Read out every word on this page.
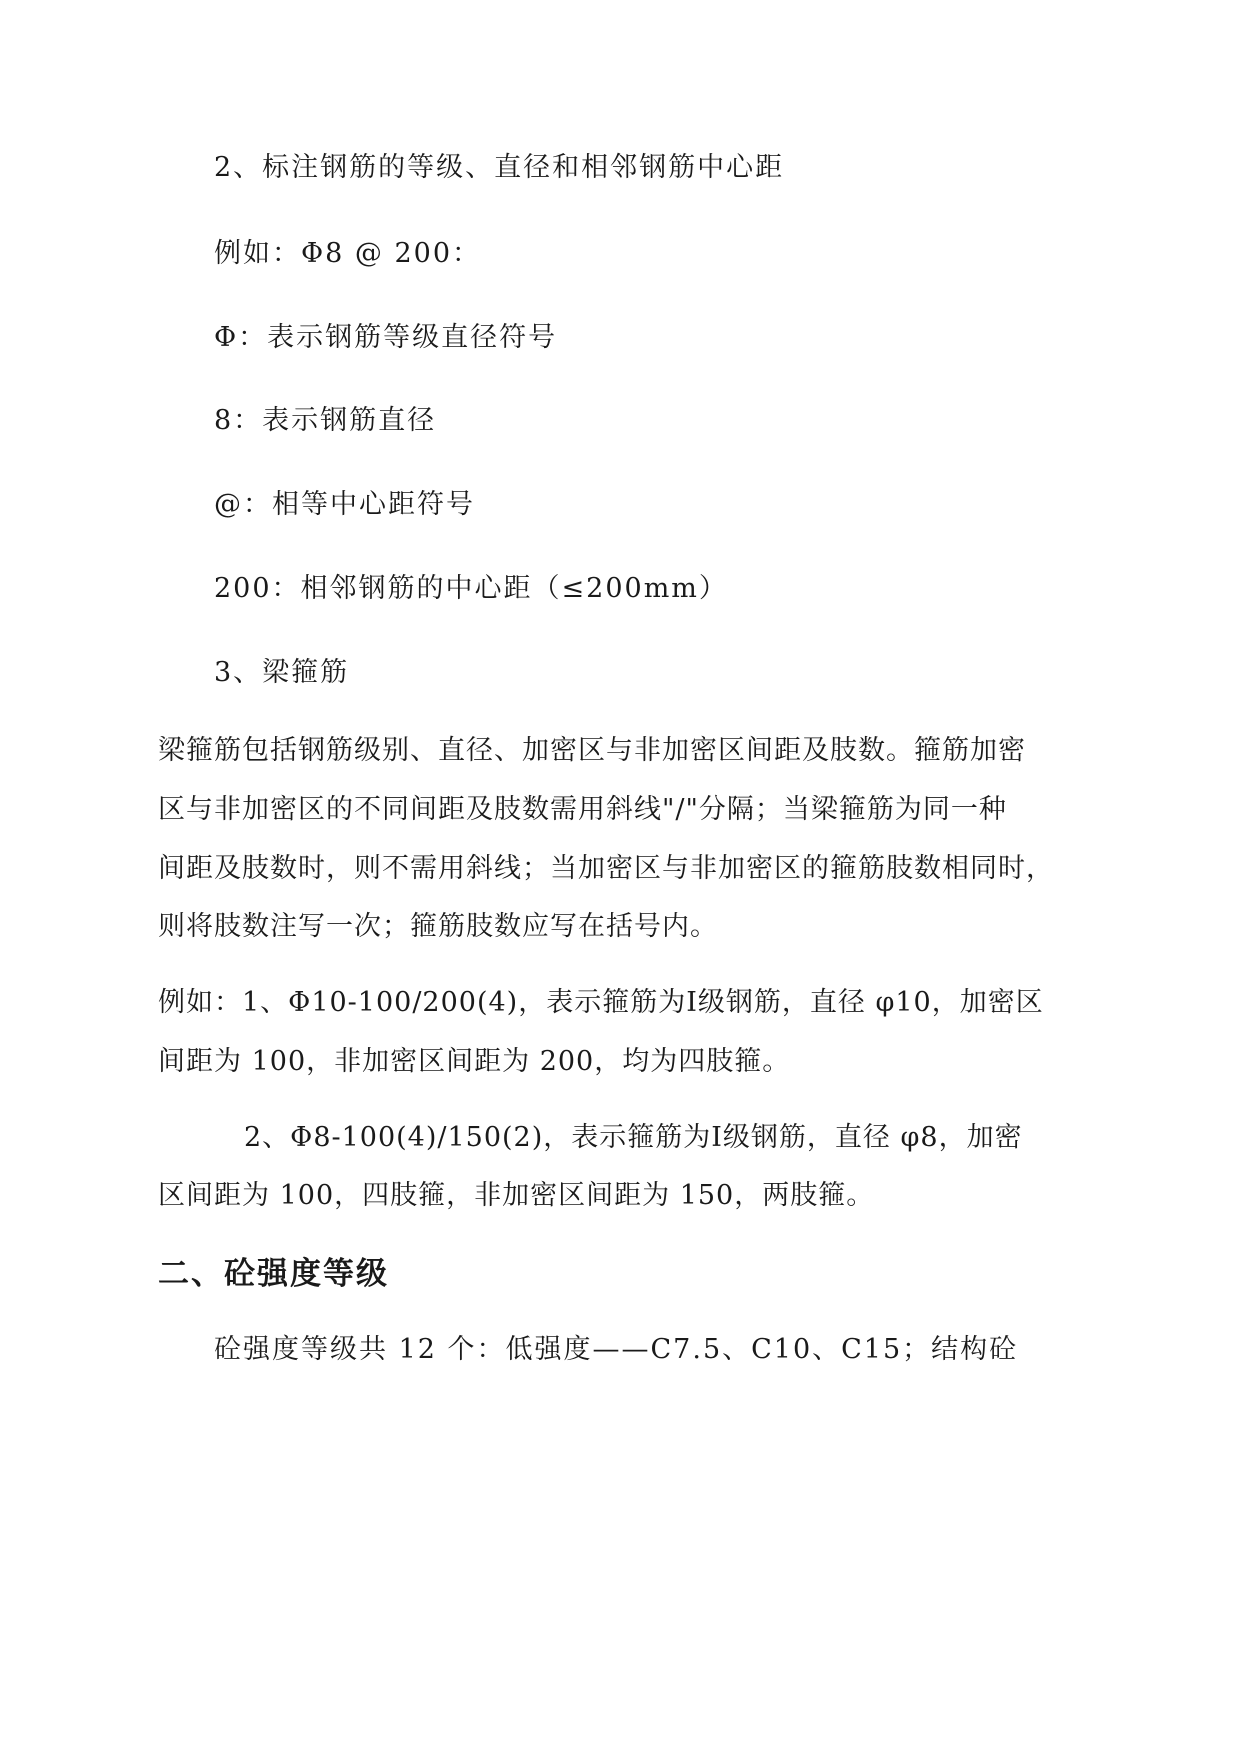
2、标注钢筋的等级、直径和相邻钢筋中心距
例如：Φ8 @ 200：
Φ：表示钢筋等级直径符号
8：表示钢筋直径
@：相等中心距符号
200：相邻钢筋的中心距（≤200mm）
3、梁箍筋
梁箍筋包括钢筋级别、直径、加密区与非加密区间距及肢数。箍筋加密
区与非加密区的不同间距及肢数需用斜线"/"分隔；当梁箍筋为同一种
间距及肢数时，则不需用斜线；当加密区与非加密区的箍筋肢数相同时，
则将肢数注写一次；箍筋肢数应写在括号内。
例如：1、Φ10-100/200(4)，表示箍筋为Ⅰ级钢筋，直径 φ10，加密区
间距为 100，非加密区间距为 200，均为四肢箍。
2、Φ8-100(4)/150(2)，表示箍筋为Ⅰ级钢筋，直径 φ8，加密
区间距为 100，四肢箍，非加密区间距为 150，两肢箍。
二、砼强度等级
砼强度等级共 12 个：低强度——C7.5、C10、C15；结构砼
